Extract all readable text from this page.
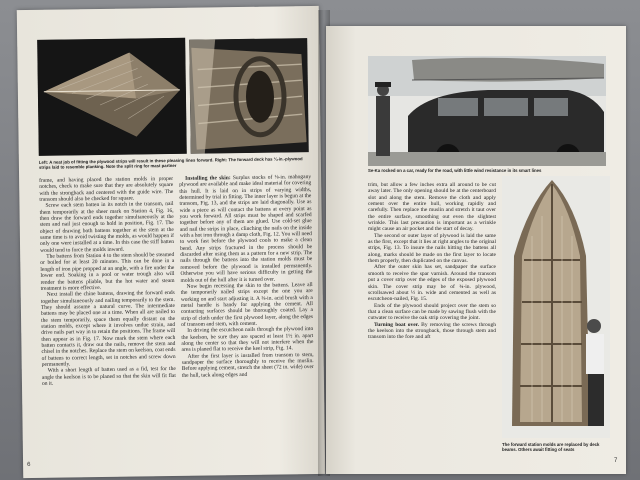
Left: A neat job of fitting the plywood strips will result in these pleasing lines forward. Right: The forward deck has ¼-in.-plywood strips laid to resemble planking. Note the split ring for mast partner
frame, and having placed the station molds in proper notches, check to make sure that they are absolutely square with the strongback and centered with the guide wire. The transom should also be checked for square.
Screw each stem batten in its notch in the transom, nail them temporarily at the sheer mark on Station 4, Fig. 16, then draw the forward ends together simultaneously at the stem and nail just enough to hold in position, Fig. 17. The object of drawing both battens together at the stem at the same time is to avoid twisting the molds, as would happen if only one were installed at a time. In this case the stiff batten would tend to force the molds inward.
The battens from Station 4 to the stem should be steamed or boiled for at least 20 minutes. This can be done in a length of iron pipe propped at an angle, with a fire under the lower end. Soaking in a pool or water trough also will render the battens pliable, but the hot water and steam treatment is more effective.
Next install the chine battens, drawing the forward ends together simultaneously and nailing temporarily to the stem. They should assume a natural curve. The intermediate battens may be placed one at a time. When all are nailed to the stem temporarily, space them equally distant on the station molds, except where it involves undue strain, and drive nails part way in to retain the positions. The frame will then appear as in Fig. 17. Now mark the stem where each batten contacts it, draw out the nails, remove the stem and chisel in the notches. Replace the stem on keelson, coat ends of battens to correct length, set in notches and screw down permanently.
With a short length of batten used as a fid, test for the angle the keelson is to be planed so that the skin will fit flat on it.
Installing the skin: Surplus stocks of ⅛-in. mahogany plywood are available and make ideal material for covering this hull. It is laid on in strips of varying widths, determined by trial in fitting. The inner layer is begun at the transom, Fig. 13, and the strips are laid diagonally. Use as wide a piece as will contact the battens at every point as you work forward. All strips must be shaped and scarfed together before any of them are glued. Use cold-set glue and nail the strips in place, clinching the nails on the inside with a hot iron through a damp cloth, Fig. 12. You will need to work fast before the plywood cools to make a clean bend. Any strips fractured in the process should be discarded after using them as a pattern for a new strip. The nails through the battens into the station molds must be removed before the plywood is installed permanently. Otherwise you will have serious difficulty in getting the molds out of the hull after it is turned over.
Now begin recessing the skin to the battens. Leave all the temporarily nailed strips except the one you are working on and start adjusting it. A ⅜-in. acid brush with a metal handle is handy for applying the cement. All contacting surfaces should be thoroughly coated. Lay a strip of cloth under the first plywood layer, along the edges of transom and stem, with cement.
In driving the escutcheon nails through the plywood into the keelson, be sure they are spaced at least 1½ in. apart along the center so that they will not interfere when the area is planed flat to receive the keel strip, Fig. 14.
After the first layer is installed from transom to stem, sandpaper the surface thoroughly to receive the muslin. Before applying cement, stretch the sheet (72 in. wide) over the hull, tack along edges and
6
Se-Ka rocked on a car, ready for the road, with little wind resistance in its smart lines
trim, but allow a few inches extra all around to be cut away later. The only opening should be at the centerboard slot and along the stem. Remove the cloth and apply cement over the entire hull, working rapidly and carefully. Then replace the muslin and stretch it taut over the entire surface, smoothing out even the slightest wrinkle. This last precaution is important as a wrinkle might cause an air pocket and the start of decay.
The second or outer layer of plywood is laid the same as the first, except that it lies at right angles to the original strips, Fig. 13. To insure the nails hitting the battens all along, marks should be made on the first layer to locate them properly, then duplicated on the canvas.
After the outer skin has set, sandpaper the surface smooth to receive the spar varnish. Around the transom put a cover strip over the edges of the exposed plywood skin. The cover strip may be of ¾-in. plywood, scrollsawed about ½ in. wide and cemented as well as escutcheon-nailed, Fig. 15.
Ends of the plywood should project over the stem so that a clean surface can be made by sawing flush with the cutwater to receive the oak strip covering the joint.
Turning boat over. By removing the screws through the keelson into the strongback, those through stem and transom into the fore and aft
The forward station molds are replaced by deck beams. Others await fitting of seats
7
